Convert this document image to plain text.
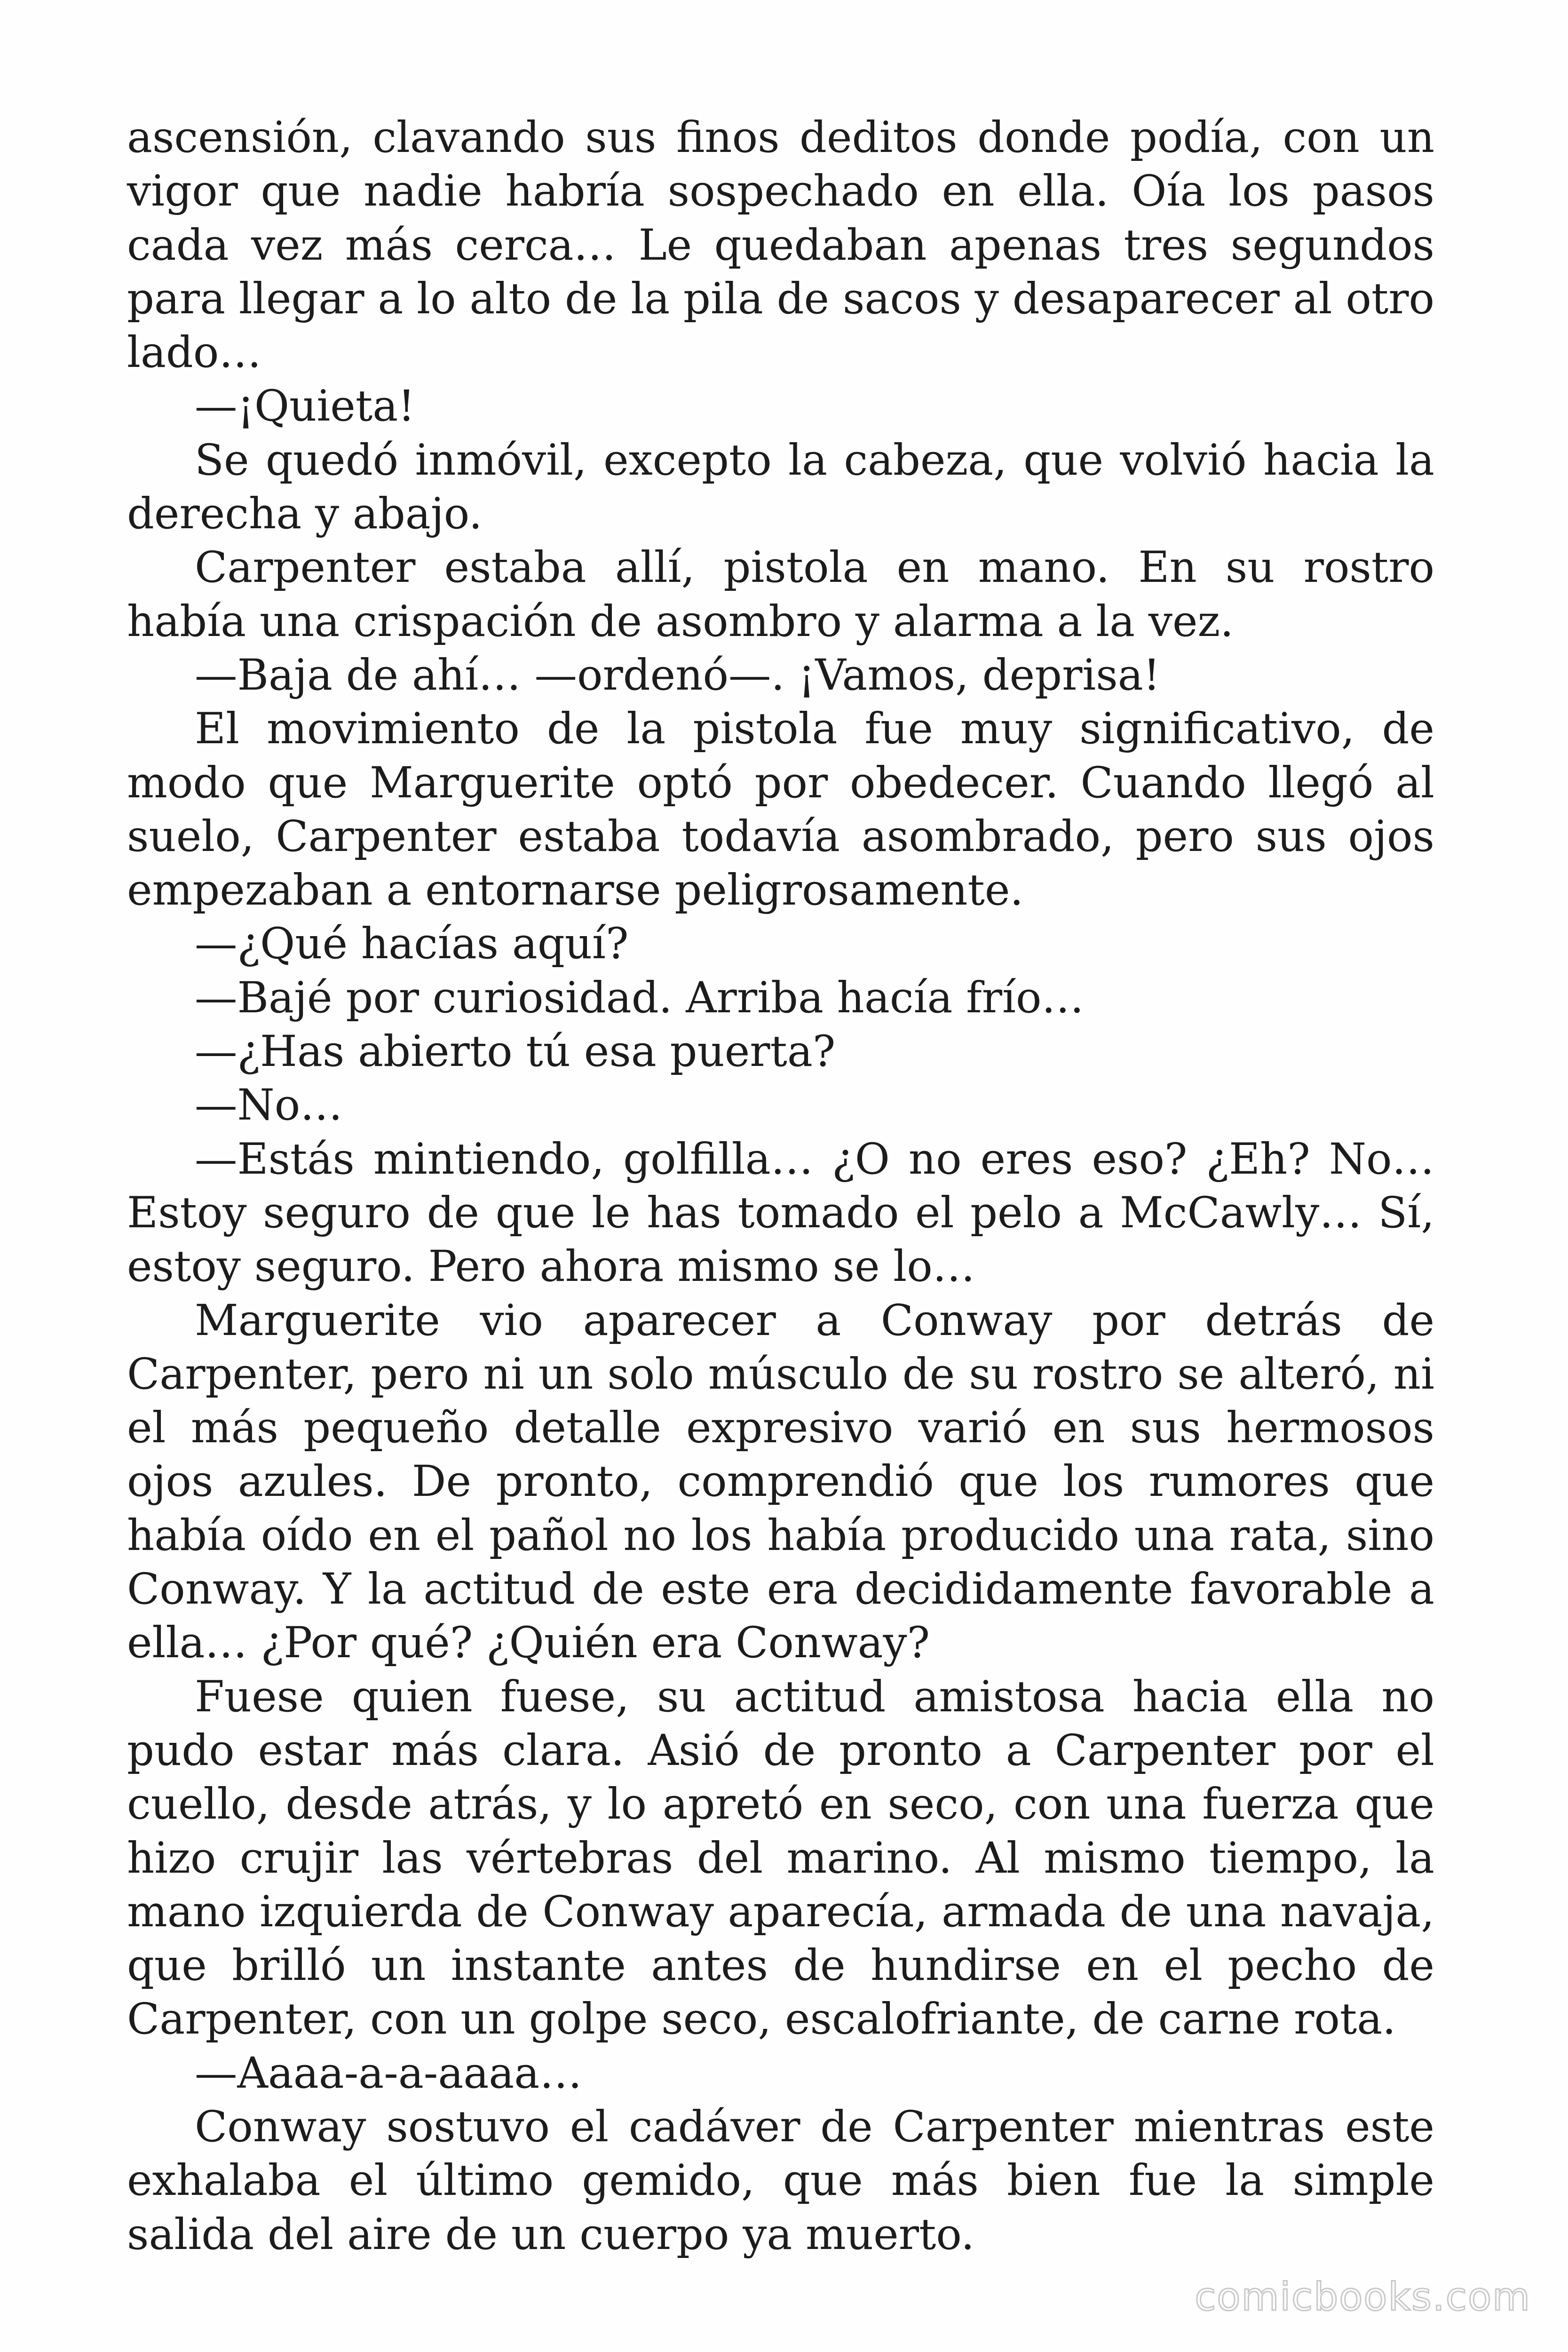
ascensión, clavando sus finos deditos donde podía, con un vigor que nadie habría sospechado en ella. Oía los pasos cada vez más cerca… Le quedaban apenas tres segundos para llegar a lo alto de la pila de sacos y desaparecer al otro lado…

—¡Quieta!

Se quedó inmóvil, excepto la cabeza, que volvió hacia la derecha y abajo.

Carpenter estaba allí, pistola en mano. En su rostro había una crispación de asombro y alarma a la vez.

—Baja de ahí… —ordenó—. ¡Vamos, deprisa!

El movimiento de la pistola fue muy significativo, de modo que Marguerite optó por obedecer. Cuando llegó al suelo, Carpenter estaba todavía asombrado, pero sus ojos empezaban a entornarse peligrosamente.

—¿Qué hacías aquí?

—Bajé por curiosidad. Arriba hacía frío…

—¿Has abierto tú esa puerta?

—No…

—Estás mintiendo, golfilla… ¿O no eres eso? ¿Eh? No… Estoy seguro de que le has tomado el pelo a McCawly… Sí, estoy seguro. Pero ahora mismo se lo…

Marguerite vio aparecer a Conway por detrás de Carpenter, pero ni un solo músculo de su rostro se alteró, ni el más pequeño detalle expresivo varió en sus hermosos ojos azules. De pronto, comprendió que los rumores que había oído en el pañol no los había producido una rata, sino Conway. Y la actitud de este era decididamente favorable a ella… ¿Por qué? ¿Quién era Conway?

Fuese quien fuese, su actitud amistosa hacia ella no pudo estar más clara. Asió de pronto a Carpenter por el cuello, desde atrás, y lo apretó en seco, con una fuerza que hizo crujir las vértebras del marino. Al mismo tiempo, la mano izquierda de Conway aparecía, armada de una navaja, que brilló un instante antes de hundirse en el pecho de Carpenter, con un golpe seco, escalofriante, de carne rota.

—Aaaa-a-a-aaaa…

Conway sostuvo el cadáver de Carpenter mientras este exhalaba el último gemido, que más bien fue la simple salida del aire de un cuerpo ya muerto.

comicbooks.com
